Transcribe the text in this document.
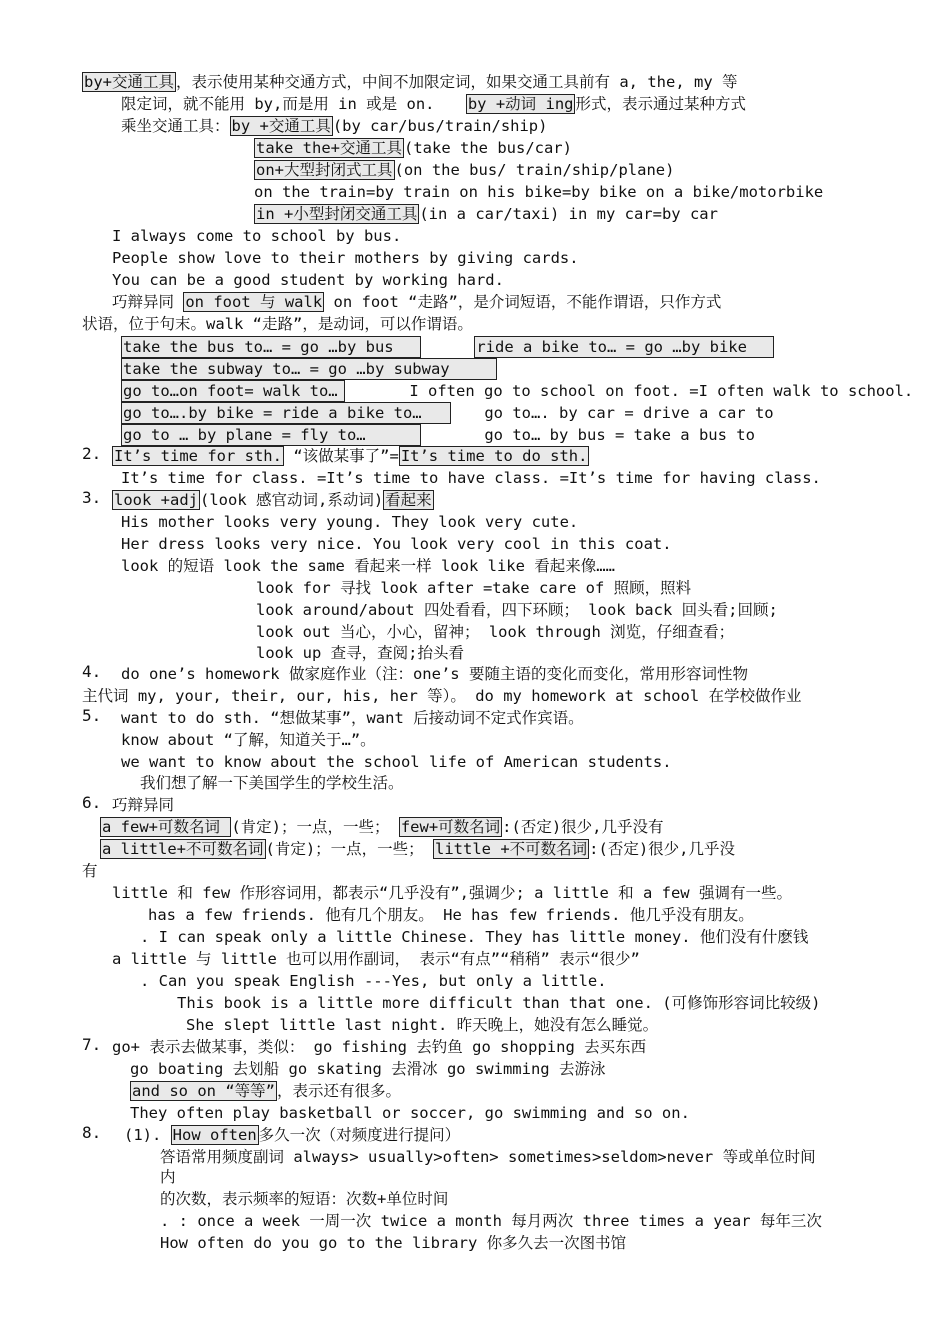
by+交通工具 ，表示使用某种交通方式，中间不加限定词，如果交通工具前有 a, the, my 等
限定词，就不能用 by,而是用 in 或是 on. by +动词 ing 形式，表示通过某种方式
乘坐交通工具： by +交通工具 (by car/bus/train/ship)
take the+交通工具 (take the bus/car)
on+大型封闭式工具 (on the bus/ train/ship/plane)
on the train=by train on his bike=by bike on a bike/motorbike
in +小型封闭交通工具 (in a car/taxi) in my car=by car
I always come to school by bus.
People show love to their mothers by giving cards.
You can be a good student by working hard.
巧辩异同 on foot 与 walk on foot “走路”，是介词短语，不能作谓语，只作方式
状语，位于句末。walk “走路”，是动词，可以作谓语。
take the bus to… = go …by bus	ride a bike to… = go …by bike
take the subway to… = go …by subway
go to…on foot= walk to…	I often go to school on foot. =I often walk to school.
go to….by bike = ride a bike to…	go to…. by car = drive a car to
go to … by plane = fly to…	go to… by bus = take a bus to
2. It’s time for sth. “该做某事了”= It’s time to do sth.
It’s time for class. =It’s time to have class. =It’s time for having class.
3. look +adj (look 感官动词,系动词) 看起来
His mother looks very young. They look very cute.
Her dress looks very nice. You look very cool in this coat.
look 的短语 look the same 看起来一样 look like 看起来像……
look for 寻找 look after =take care of 照顾，照料
look around/about 四处看看，四下环顾； look back 回头看;回顾;
look out 当心，小心，留神； look through 浏览，仔细查看；
look up 查寻，查阅;抬头看
4. do one’s homework 做家庭作业（注：one’s 要随主语的变化而变化，常用形容词性物
主代词 my, your, their, our, his, her 等）。 do my homework at school 在学校做作业
5. want to do sth. “想做某事”，want 后接动词不定式作宾语。
know about “了解，知道关于…”。
we want to know about the school life of American students.
我们想了解一下美国学生的学校生活。
6. 巧辩异同
a few+可数名词 (肯定)；一点，一些； few+可数名词 :(否定)很少,几乎没有
a little+不可数名词 (肯定)；一点，一些； little +不可数名词 :(否定)很少,几乎没
有
little 和 few 作形容词用，都表示“几乎没有”,强调少; a little 和 a few 强调有一些。
has a few friends. 他有几个朋友。 He has few friends. 他几乎没有朋友。
. I can speak only a little Chinese. They has little money. 他们没有什麽钱
a little 与 little 也可以用作副词， 表示“有点”“稍稍” 表示“很少”
. Can you speak English ---Yes, but only a little.
This book is a little more difficult than that one. (可修饰形容词比较级)
She slept little last night. 昨天晚上，她没有怎么睡觉。
7. go+ 表示去做某事，类似： go fishing 去钓鱼 go shopping 去买东西
go boating 去划船 go skating 去滑冰 go swimming 去游泳
and so on “等等” ，表示还有很多。
They often play basketball or soccer, go swimming and so on.
8. (1). How often 多久一次（对频度进行提问）
答语常用频度副词 always> usually>often> sometimes>seldom>never 等或单位时间
内
的次数，表示频率的短语：次数+单位时间
. : once a week 一周一次 twice a month 每月两次 three times a year 每年三次
How often do you go to the library 你多久去一次图书馆
